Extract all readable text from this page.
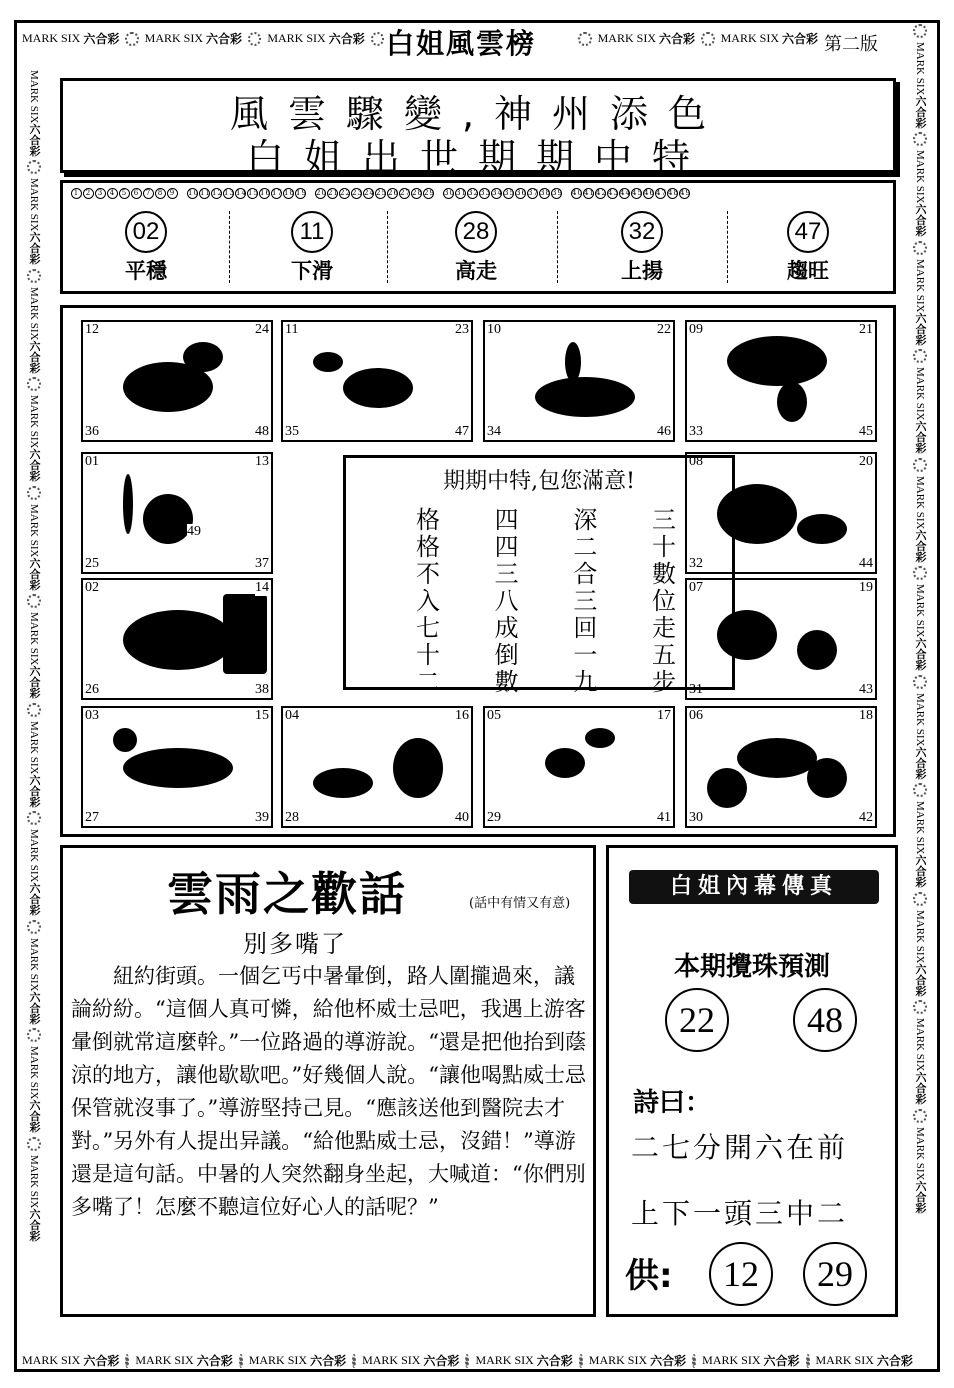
MARK SIX 六合彩 MARK SIX 六合彩 MARK SIX 六合彩 白姐風雲榜	MARK SIX 六合彩 MARK SIX 六合彩 第二版
MARK SIX六合彩
MARK SIX六合彩
MARK SIX六合彩
MARK SIX六合彩
MARK SIX六合彩
MARK SIX六合彩
MARK SIX六合彩
MARK SIX六合彩
MARK SIX六合彩
MARK SIX六合彩
MARK SIX六合彩
MARK SIX六合彩
MARK SIX六合彩
MARK SIX六合彩
MARK SIX六合彩
MARK SIX六合彩
MARK SIX六合彩
MARK SIX六合彩
MARK SIX六合彩
MARK SIX六合彩
MARK SIX六合彩
MARK SIX六合彩
MARK SIX 六合彩 MARK SIX 六合彩 MARK SIX 六合彩 MARK SIX 六合彩 MARK SIX 六合彩 MARK SIX 六合彩 MARK SIX 六合彩 MARK SIX 六合彩
風雲驟變,神州添色
白姐出世期期中特
1 2 3 4 5 6 7 8 9 10111213141516171819 20212223242526272829 30313233343536373839 40414243444546474849
02
平穩
11
下滑
28
高走
32
上揚
47
趨旺
12	24
36	48
11	23
35	47
10	22
34	46
09	21
33	45
01	13
25	37
49
08	20
32	44
02	14
26	38
07	19
31	43
03	15
27	39
04	16
28	40
05	17
29	41
06	18
30	42
期期中特,包您滿意!
格 四 深 三
格 四 二 十
不 三 合 數
入 八 三 位
七 成 回 走
十 倒 一 五
二 數 九 步
雲雨之歡話	(話中有情又有意)
別多嘴了
　　紐約街頭。一個乞丐中暑暈倒，路人圍攏過來，議論紛紛。“這個人真可憐，給他杯威士忌吧，我遇上游客暈倒就常這麼幹。”一位路過的導游說。“還是把他抬到蔭涼的地方，讓他歇歇吧。”好幾個人說。“讓他喝點威士忌保管就沒事了。”導游堅持己見。“應該送他到醫院去才對。”另外有人提出异議。“給他點威士忌，沒錯！”導游還是這句話。中暑的人突然翻身坐起，大喊道：“你們別多嘴了！怎麼不聽這位好心人的話呢？”
白姐內幕傳真
本期攪珠預測
22	48
詩曰：
二七分開六在前
上下一頭三中二
供:	12	29
